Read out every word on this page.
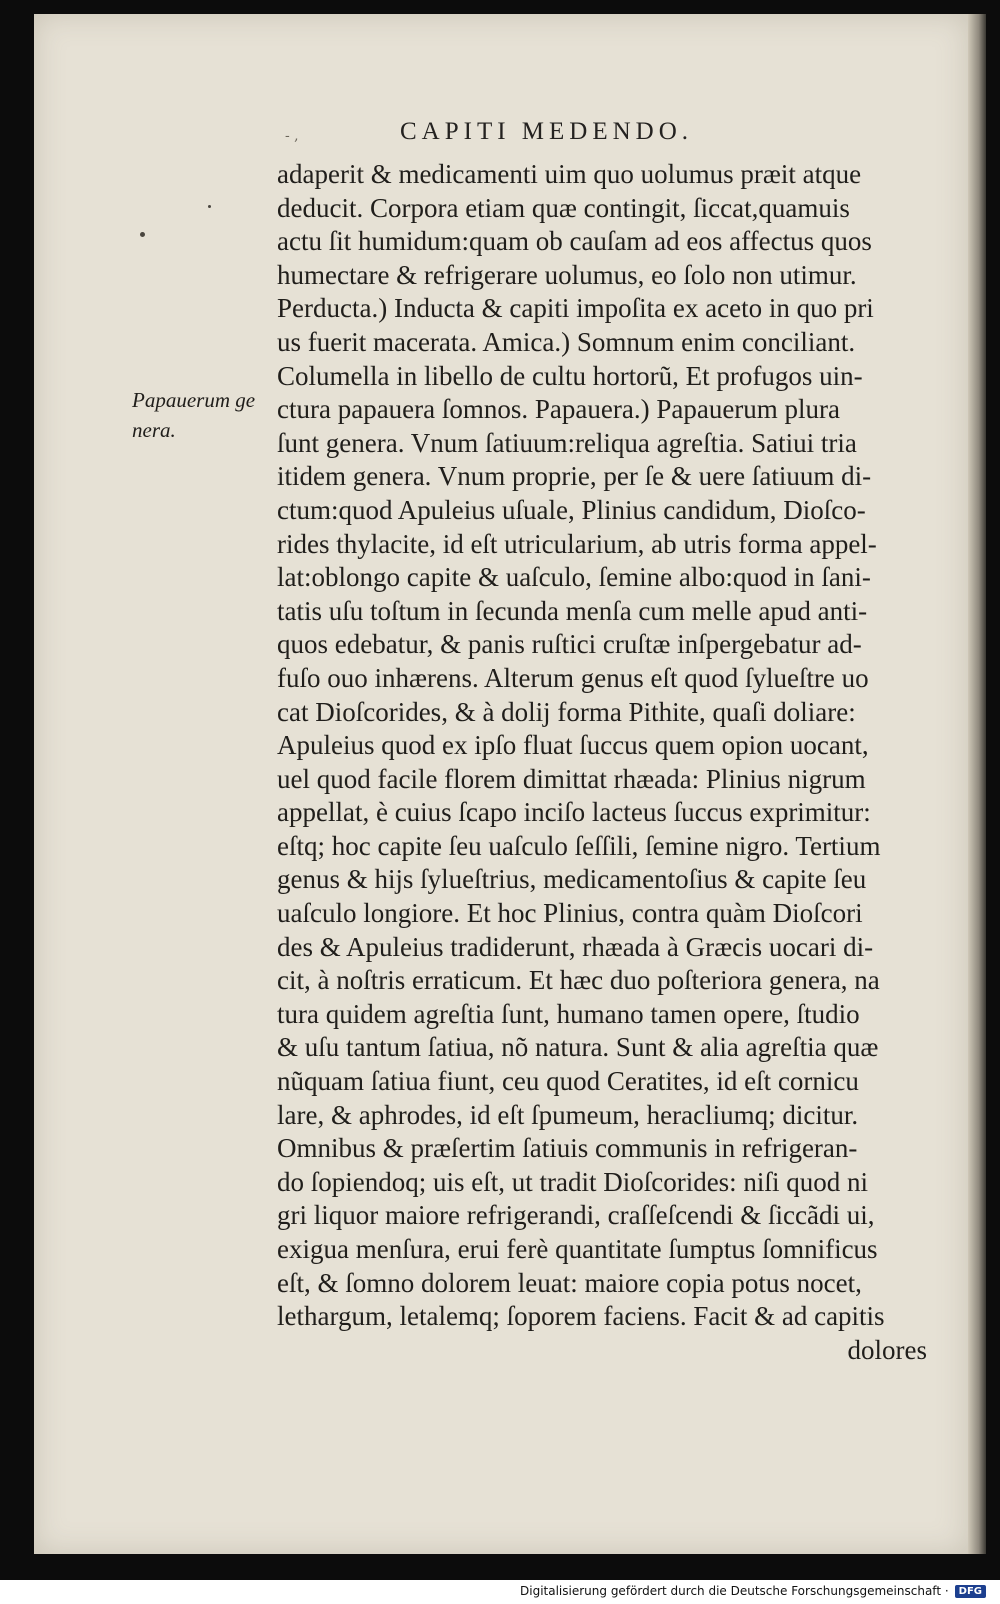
- ,	CAPITI MEDENDO.
Papauerum ge
nera.
adaperit & medicamenti uim quo uolumus præit atque
deducit. Corpora etiam quæ contingit, ſiccat,quamuis
actu ſit humidum:quam ob cauſam ad eos affectus quos
humectare & refrigerare uolumus, eo ſolo non utimur.
Perducta.) Inducta & capiti impoſita ex aceto in quo pri
us fuerit macerata. Amica.) Somnum enim conciliant.
Columella in libello de cultu hortorũ, Et profugos uin-
ctura papauera ſomnos. Papauera.) Papauerum plura
ſunt genera. Vnum ſatiuum:reliqua agreſtia. Satiui tria
itidem genera. Vnum proprie, per ſe & uere ſatiuum di-
ctum:quod Apuleius uſuale, Plinius candidum, Dioſco-
rides thylacite, id eſt utricularium, ab utris forma appel-
lat:oblongo capite & uaſculo, ſemine albo:quod in ſani-
tatis uſu toſtum in ſecunda menſa cum melle apud anti-
quos edebatur, & panis ruſtici cruſtæ inſpergebatur ad-
fuſo ouo inhærens. Alterum genus eſt quod ſylueſtre uo
cat Dioſcorides, & à dolĳ forma Pithite, quaſi doliare:
Apuleius quod ex ipſo fluat ſuccus quem opion uocant,
uel quod facile florem dimittat rhæada: Plinius nigrum
appellat, è cuius ſcapo inciſo lacteus ſuccus exprimitur:
eſtq; hoc capite ſeu uaſculo ſeſſili, ſemine nigro. Tertium
genus & hĳs ſylueſtrius, medicamentoſius & capite ſeu
uaſculo longiore. Et hoc Plinius, contra quàm Dioſcori
des & Apuleius tradiderunt, rhæada à Græcis uocari di-
cit, à noſtris erraticum. Et hæc duo poſteriora genera, na
tura quidem agreſtia ſunt, humano tamen opere, ſtudio
& uſu tantum ſatiua, nõ natura. Sunt & alia agreſtia quæ
nũquam ſatiua fiunt, ceu quod Ceratites, id eſt cornicu
lare, & aphrodes, id eſt ſpumeum, heracliumq; dicitur.
Omnibus & præſertim ſatiuis communis in refrigeran-
do ſopiendoq; uis eſt, ut tradit Dioſcorides: niſi quod ni
gri liquor maiore refrigerandi, craſſeſcendi & ſiccãdi ui,
exigua menſura, erui ferè quantitate ſumptus ſomnificus
eſt, & ſomno dolorem leuat: maiore copia potus nocet,
lethargum, letalemq; ſoporem faciens. Facit & ad capitis
dolores
Digitalisierung gefördert durch die Deutsche Forschungsgemeinschaft ·	DFG
